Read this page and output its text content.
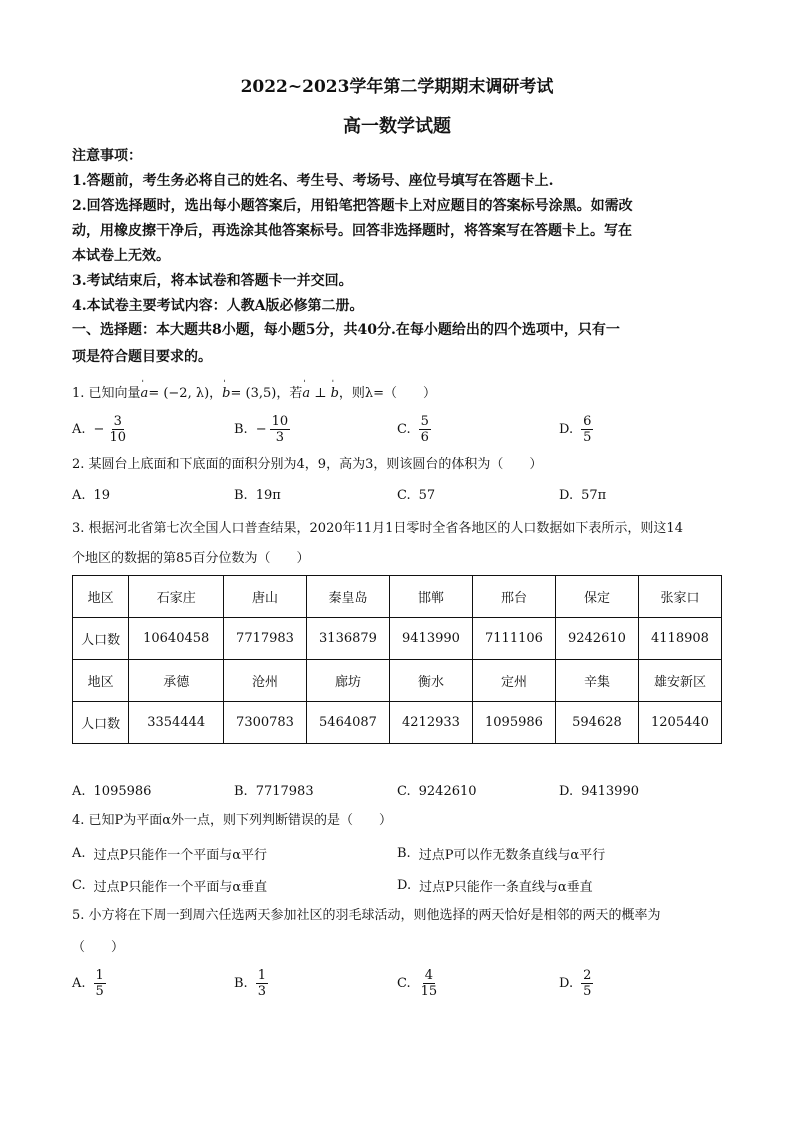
2022~2023学年第二学期期末调研考试
高一数学试题
注意事项：
1.答题前，考生务必将自己的姓名、考生号、考场号、座位号填写在答题卡上.
2.回答选择题时，选出每小题答案后，用铅笔把答题卡上对应题目的答案标号涂黑。如需改
动，用橡皮擦干净后，再选涂其他答案标号。回答非选择题时，将答案写在答题卡上。写在
本试卷上无效。
3.考试结束后，将本试卷和答题卡一并交回。
4.本试卷主要考试内容：人教A版必修第二册。
一、选择题：本大题共8小题，每小题5分，共40分.在每小题给出的四个选项中，只有一
项是符合题目要求的。
1. 已知向量ˈ a= (−2, λ)，ˈ b= (3,5)，若ˈ a ⊥ ˈ b，则λ=（　　）
A. − $\frac{3}{10}$	B. − $\frac{10}{3}$	C. $\frac{5}{6}$	D. $\frac{6}{5}$
2. 某圆台上底面和下底面的面积分别为4，9，高为3，则该圆台的体积为（　　）
A. 19	B. 19π	C. 57	D. 57π
3. 根据河北省第七次全国人口普查结果，2020年11月1日零时全省各地区的人口数据如下表所示，则这14
个地区的数据的第85百分位数为（　　）
地区	石家庄	唐山	秦皇岛	邯郸	邢台	保定	张家口
人口数	10640458	7717983	3136879	9413990	7111106	9242610	4118908
地区	承德	沧州	廊坊	衡水	定州	辛集	雄安新区
人口数	3354444	7300783	5464087	4212933	1095986	594628	1205440
A. 1095986	B. 7717983	C. 9242610	D. 9413990
4. 已知P为平面α外一点，则下列判断错误的是（　　）
A. 过点P只能作一个平面与α平行	B. 过点P可以作无数条直线与α平行
C. 过点P只能作一个平面与α垂直	D. 过点P只能作一条直线与α垂直
5. 小方将在下周一到周六任选两天参加社区的羽毛球活动，则他选择的两天恰好是相邻的两天的概率为
（　　）
A. $\frac{1}{5}$	B. $\frac{1}{3}$	C. $\frac{4}{15}$	D. $\frac{2}{5}$
